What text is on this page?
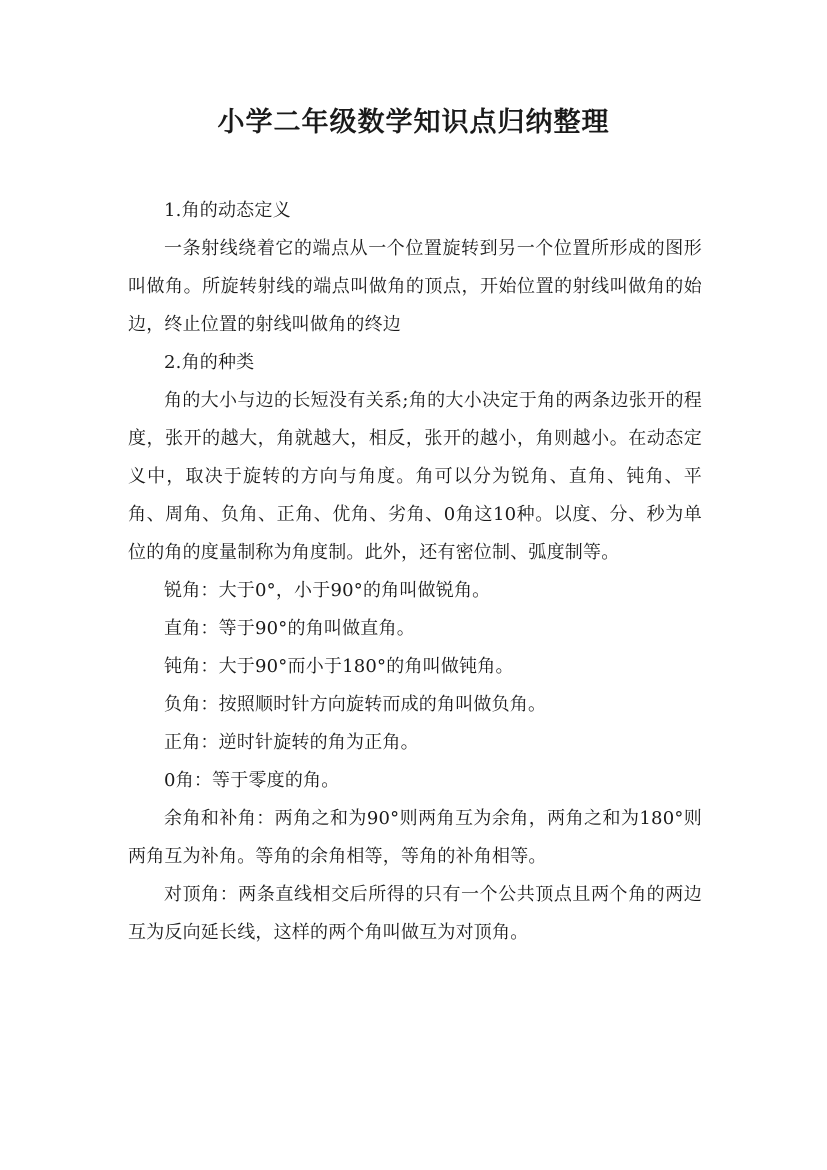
小学二年级数学知识点归纳整理

1.角的动态定义

一条射线绕着它的端点从一个位置旋转到另一个位置所形成的图形叫做角。所旋转射线的端点叫做角的顶点，开始位置的射线叫做角的始边，终止位置的射线叫做角的终边

2.角的种类

角的大小与边的长短没有关系;角的大小决定于角的两条边张开的程度，张开的越大，角就越大，相反，张开的越小，角则越小。在动态定义中，取决于旋转的方向与角度。角可以分为锐角、直角、钝角、平角、周角、负角、正角、优角、劣角、0角这10种。以度、分、秒为单位的角的度量制称为角度制。此外，还有密位制、弧度制等。

锐角：大于0°，小于90°的角叫做锐角。

直角：等于90°的角叫做直角。

钝角：大于90°而小于180°的角叫做钝角。

负角：按照顺时针方向旋转而成的角叫做负角。

正角：逆时针旋转的角为正角。

0角：等于零度的角。

余角和补角：两角之和为90°则两角互为余角，两角之和为180°则两角互为补角。等角的余角相等，等角的补角相等。

对顶角：两条直线相交后所得的只有一个公共顶点且两个角的两边互为反向延长线，这样的两个角叫做互为对顶角。
